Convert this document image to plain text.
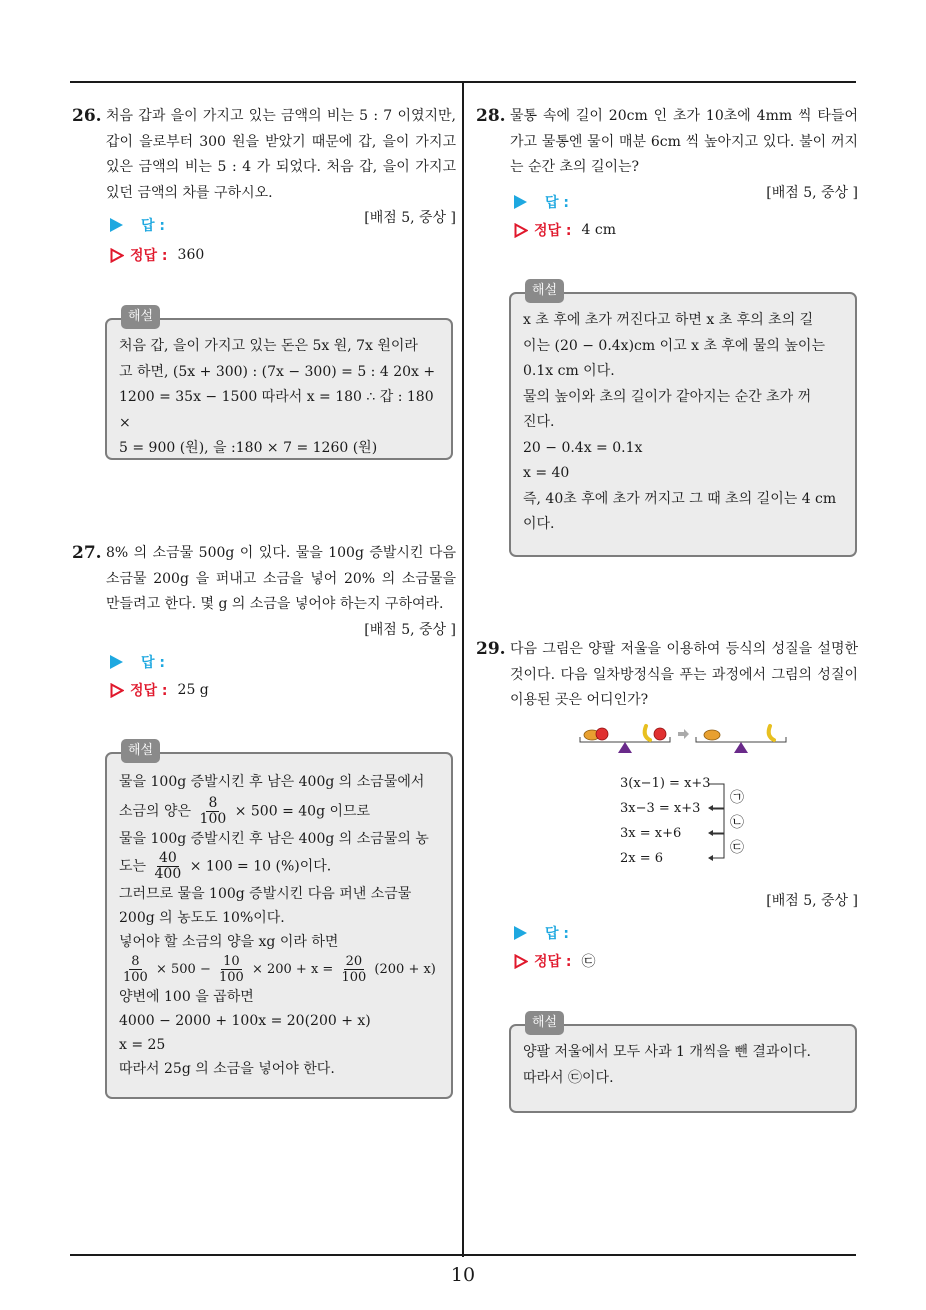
26. 처음 갑과 을이 가지고 있는 금액의 비는 5 : 7 이였지만, 갑이 을로부터 300 원을 받았기 때문에 갑, 을이 가지고 있은 금액의 비는 5 : 4 가 되었다. 처음 갑, 을이 가지고 있던 금액의 차를 구하시오.
[배점 5, 중상 ]
답 :
정답 : 360
해설
처음 갑, 을이 가지고 있는 돈은 5x 원, 7x 원이라
고 하면, (5x + 300) : (7x − 300) = 5 : 4 20x +
1200 = 35x − 1500 따라서 x = 180 ∴ 갑 : 180 ×
5 = 900 (원), 을 :180 × 7 = 1260 (원)
27. 8% 의 소금물 500g 이 있다. 물을 100g 증발시킨 다음 소금물 200g 을 퍼내고 소금을 넣어 20% 의 소금물을 만들려고 한다. 몇 g 의 소금을 넣어야 하는지 구하여라.
[배점 5, 중상 ]
답 :
정답 : 25 g
해설
물을 100g 증발시킨 후 남은 400g 의 소금물에서
소금의 양은 $\frac{8}{100} \times 500 = 40g$ 이므로
물을 100g 증발시킨 후 남은 400g 의 소금물의 농
도는 $\frac{40}{400} \times 100 = 10$ (%)이다.
그러므로 물을 100g 증발시킨 다음 퍼낸 소금물
200g 의 농도도 10%이다.
넣어야 할 소금의 양을 xg 이라 하면
$\frac{8}{100} \times 500 - \frac{10}{100} \times 200 + x = \frac{20}{100} (200 + x)$
양변에 100 을 곱하면
4000 − 2000 + 100x = 20(200 + x)
x = 25
따라서 25g 의 소금을 넣어야 한다.
28. 물통 속에 길이 20cm 인 초가 10초에 4mm 씩 타들어가고 물통엔 물이 매분 6cm 씩 높아지고 있다. 불이 꺼지는 순간 초의 길이는?
[배점 5, 중상 ]
답 :
정답 : 4 cm
해설
x 초 후에 초가 꺼진다고 하면 x 초 후의 초의 길
이는 (20 − 0.4x)cm 이고 x 초 후에 물의 높이는
0.1x cm 이다.
물의 높이와 초의 길이가 같아지는 순간 초가 꺼
진다.
20 − 0.4x = 0.1x
x = 40
즉, 40초 후에 초가 꺼지고 그 때 초의 길이는 4 cm
이다.
29. 다음 그림은 양팔 저울을 이용하여 등식의 성질을 설명한 것이다. 다음 일차방정식을 푸는 과정에서 그림의 성질이 이용된 곳은 어디인가?
3(x−1) = x+3
3x−3 = x+3
3x = x+6
2x = 6
㉠
㉡
㉢
[배점 5, 중상 ]
답 :
정답 : ㉢
해설
양팔 저울에서 모두 사과 1 개씩을 뺀 결과이다.
따라서 ㉢이다.
10
